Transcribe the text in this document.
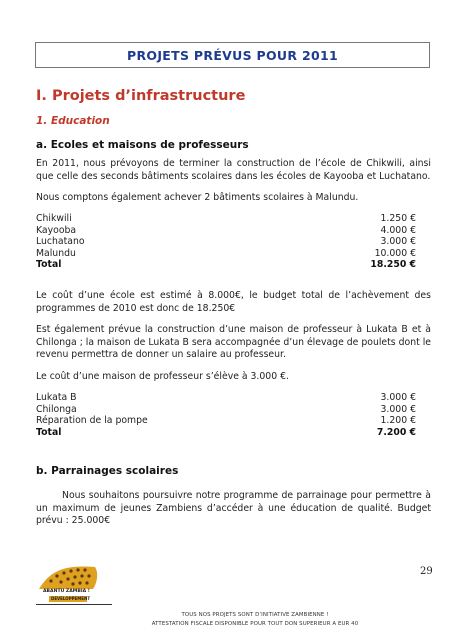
PROJETS PRÉVUS POUR 2011
I. Projets d’infrastructure
1. Education
a. Ecoles et maisons de professeurs
En 2011, nous prévoyons de terminer la construction de l’école de Chikwili, ainsi que celle des seconds bâtiments scolaires dans les écoles de Kayooba et Luchatano.
Nous comptons également achever 2 bâtiments scolaires à Malundu.
Chikwili	1.250 €
Kayooba	4.000 €
Luchatano	3.000 €
Malundu	10.000 €
Total	18.250 €
Le coût d’une école est estimé à 8.000€, le budget total de l’achèvement des programmes de 2010 est donc de 18.250€
Est également prévue la construction d’une maison de professeur à Lukata B et à Chilonga ; la maison de Lukata B sera accompagnée d’un élevage de poulets dont le revenu permettra de donner un salaire au professeur.
Le coût d’une maison de professeur s’élève à 3.000 €.
Lukata B	3.000 €
Chilonga	3.000 €
Réparation de la pompe	1.200 €
Total	7.200 €
b. Parrainages scolaires
Nous souhaitons poursuivre notre programme de parrainage pour permettre à un maximum de jeunes Zambiens d’accéder à une éducation de qualité. Budget prévu : 25.000€
29
ABANTU ZAMBIA !
DEVELOPPEMENT
TOUS NOS PROJETS SONT D’INITIATIVE ZAMBIENNE !
ATTESTATION FISCALE DISPONIBLE POUR TOUT DON SUPERIEUR A EUR 40
